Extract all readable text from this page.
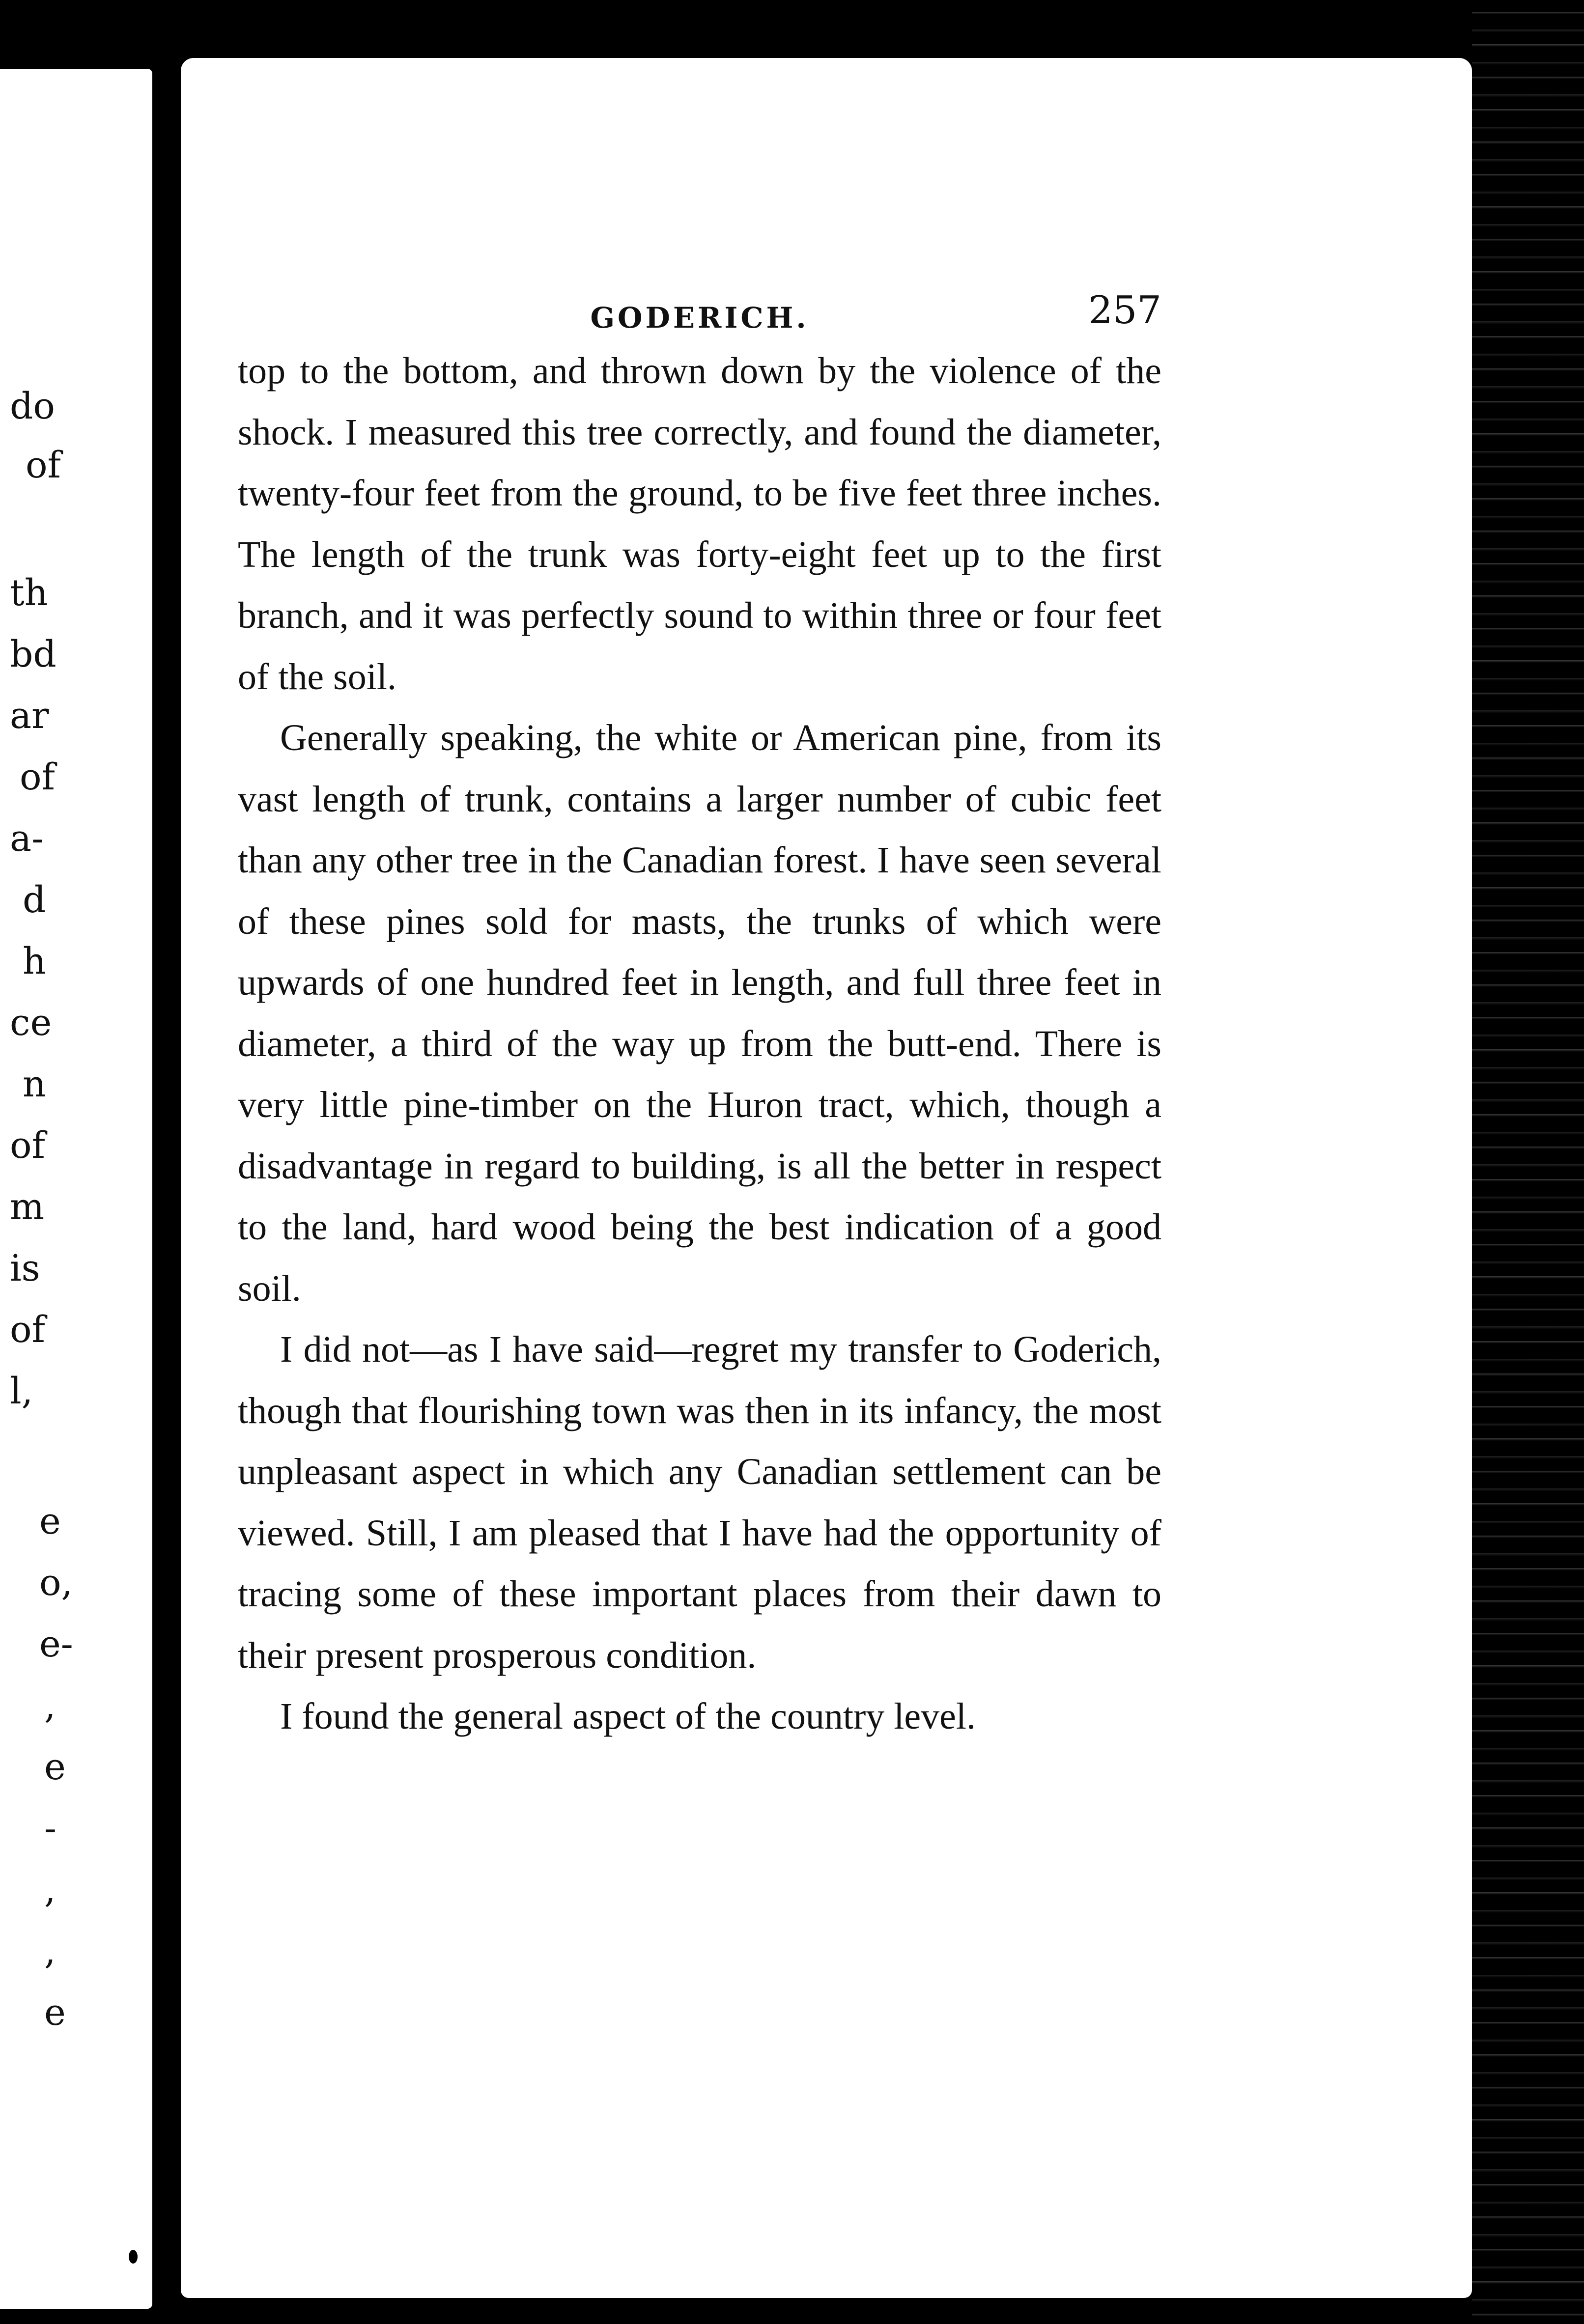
do
of
th
bd
ar
of
a-
d
h
ce
n
of
m
is
of
l,
e
o,
e-
,
e
-
,
,
e
GODERICH.	257

top to the bottom, and thrown down by the violence of the shock. I measured this tree correctly, and found the diameter, twenty-four feet from the ground, to be five feet three inches. The length of the trunk was forty-eight feet up to the first branch, and it was perfectly sound to within three or four feet of the soil.

Generally speaking, the white or American pine, from its vast length of trunk, contains a larger number of cubic feet than any other tree in the Canadian forest. I have seen several of these pines sold for masts, the trunks of which were upwards of one hundred feet in length, and full three feet in diameter, a third of the way up from the butt-end. There is very little pine-timber on the Huron tract, which, though a disadvantage in regard to building, is all the better in respect to the land, hard wood being the best indication of a good soil.

I did not—as I have said—regret my transfer to Goderich, though that flourishing town was then in its infancy, the most unpleasant aspect in which any Canadian settlement can be viewed. Still, I am pleased that I have had the opportunity of tracing some of these important places from their dawn to their present prosperous condition.

I found the general aspect of the country level.
